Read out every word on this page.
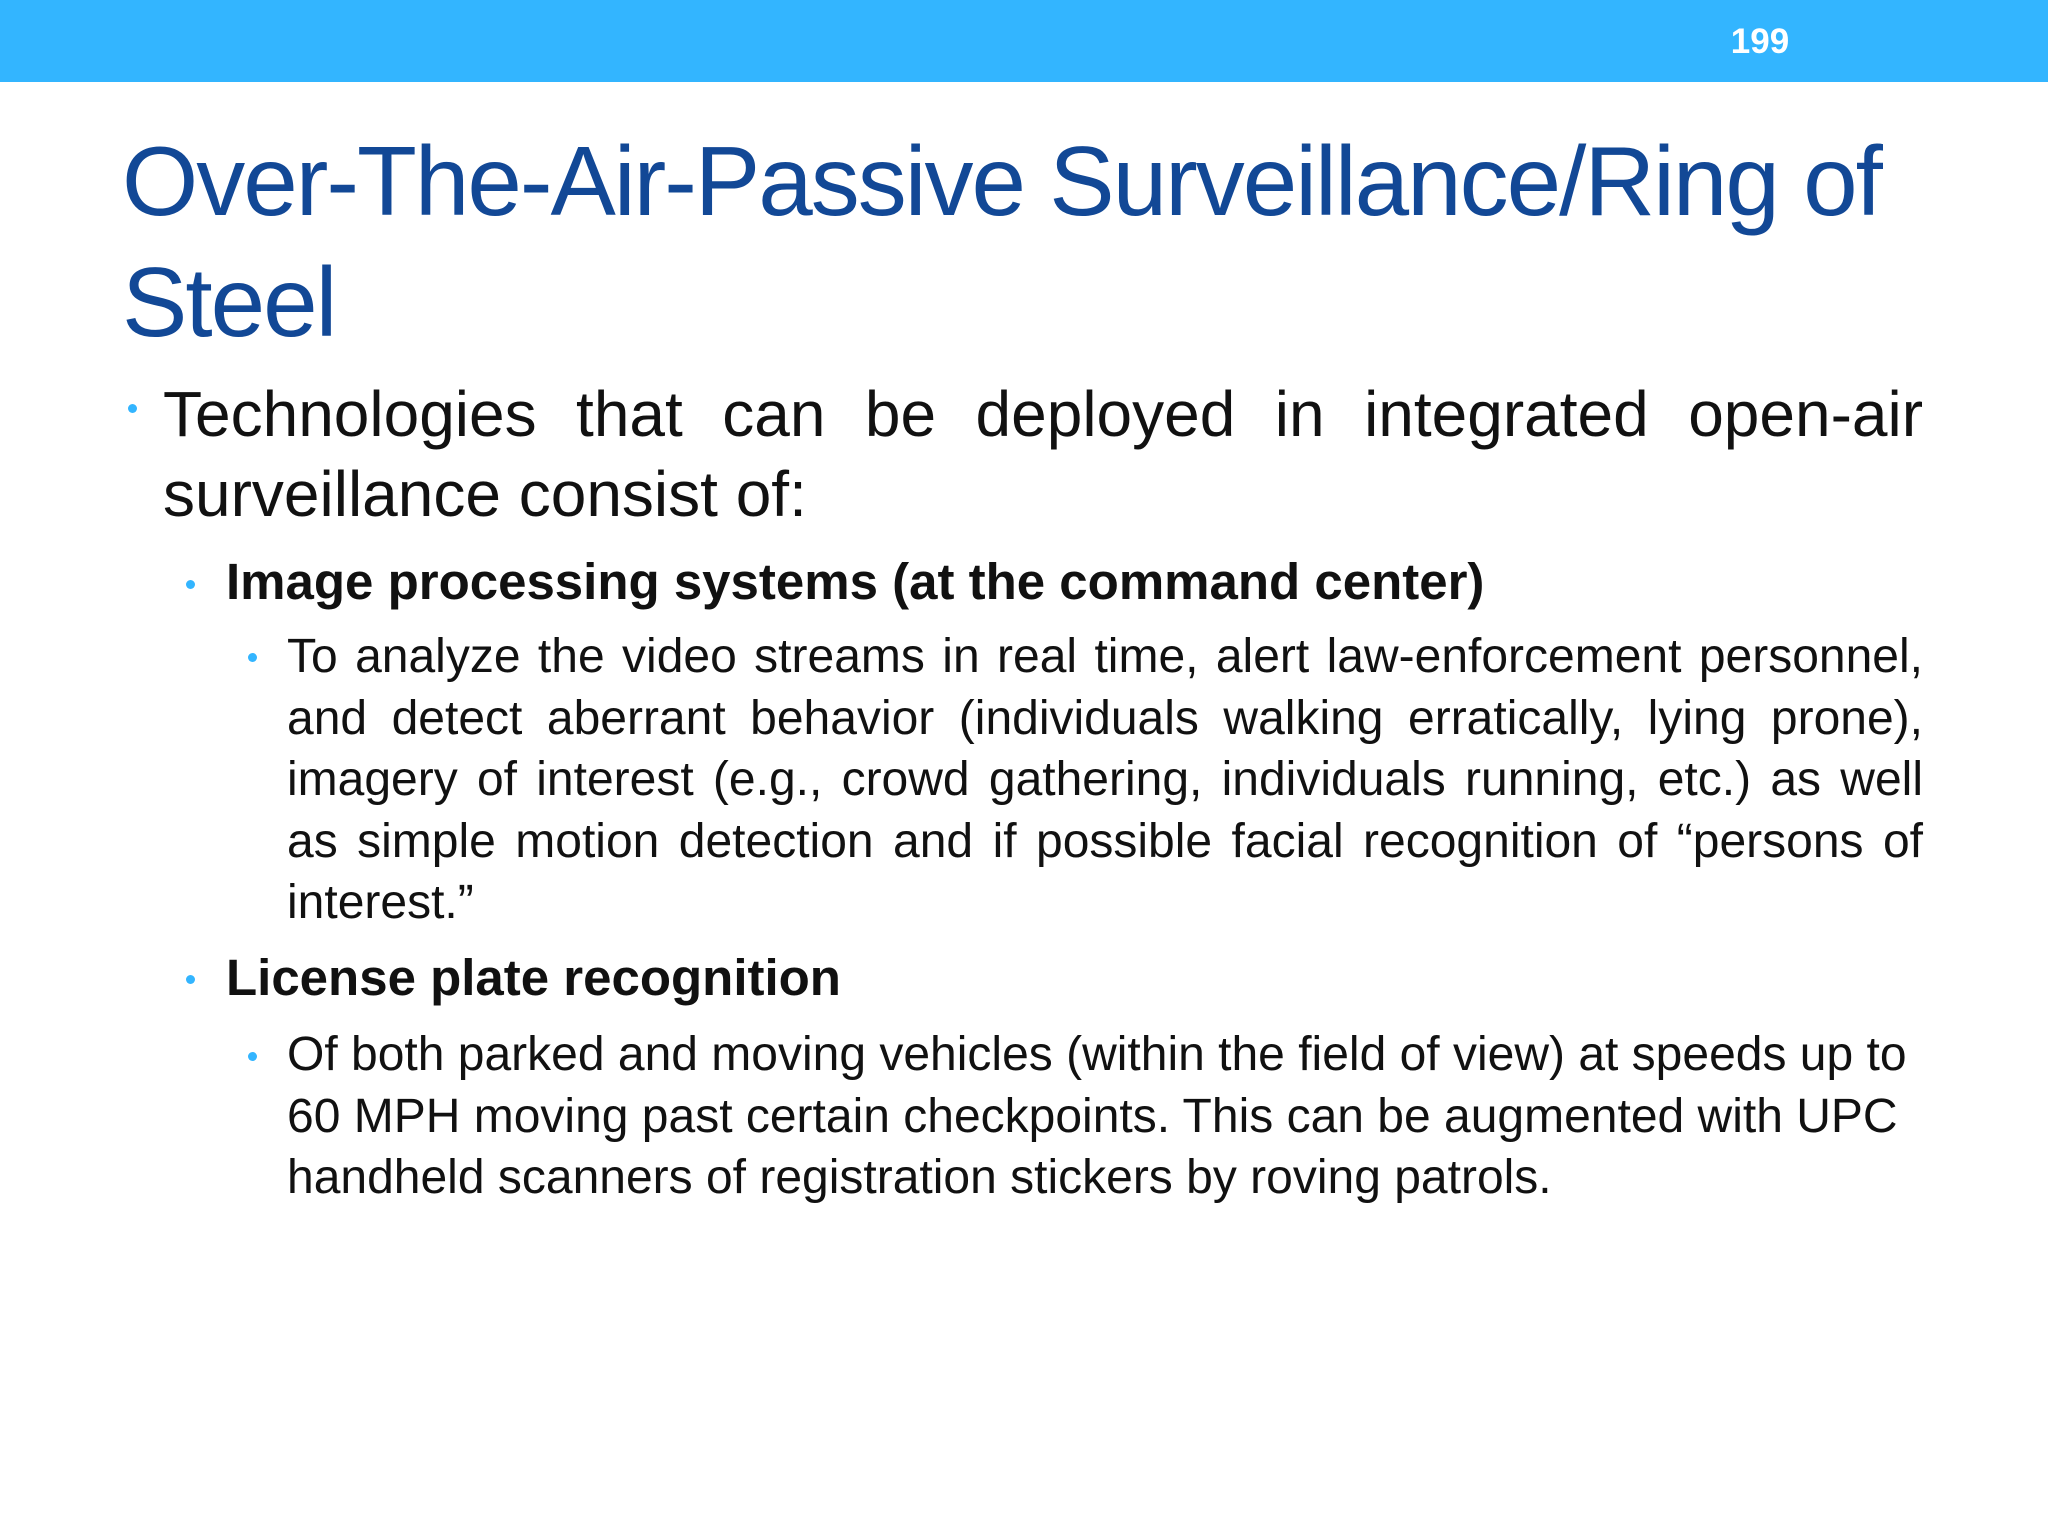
199
Over-The-Air-Passive Surveillance/Ring of Steel

Technologies that can be deployed in integrated open-air surveillance consist of:

Image processing systems (at the command center)

To analyze the video streams in real time, alert law-enforcement personnel, and detect aberrant behavior (individuals walking erratically, lying prone), imagery of interest (e.g., crowd gathering, individuals running, etc.) as well as simple motion detection and if possible facial recognition of “persons of interest.”

License plate recognition

Of both parked and moving vehicles (within the field of view) at speeds up to 60 MPH moving past certain checkpoints. This can be augmented with UPC handheld scanners of registration stickers by roving patrols.
